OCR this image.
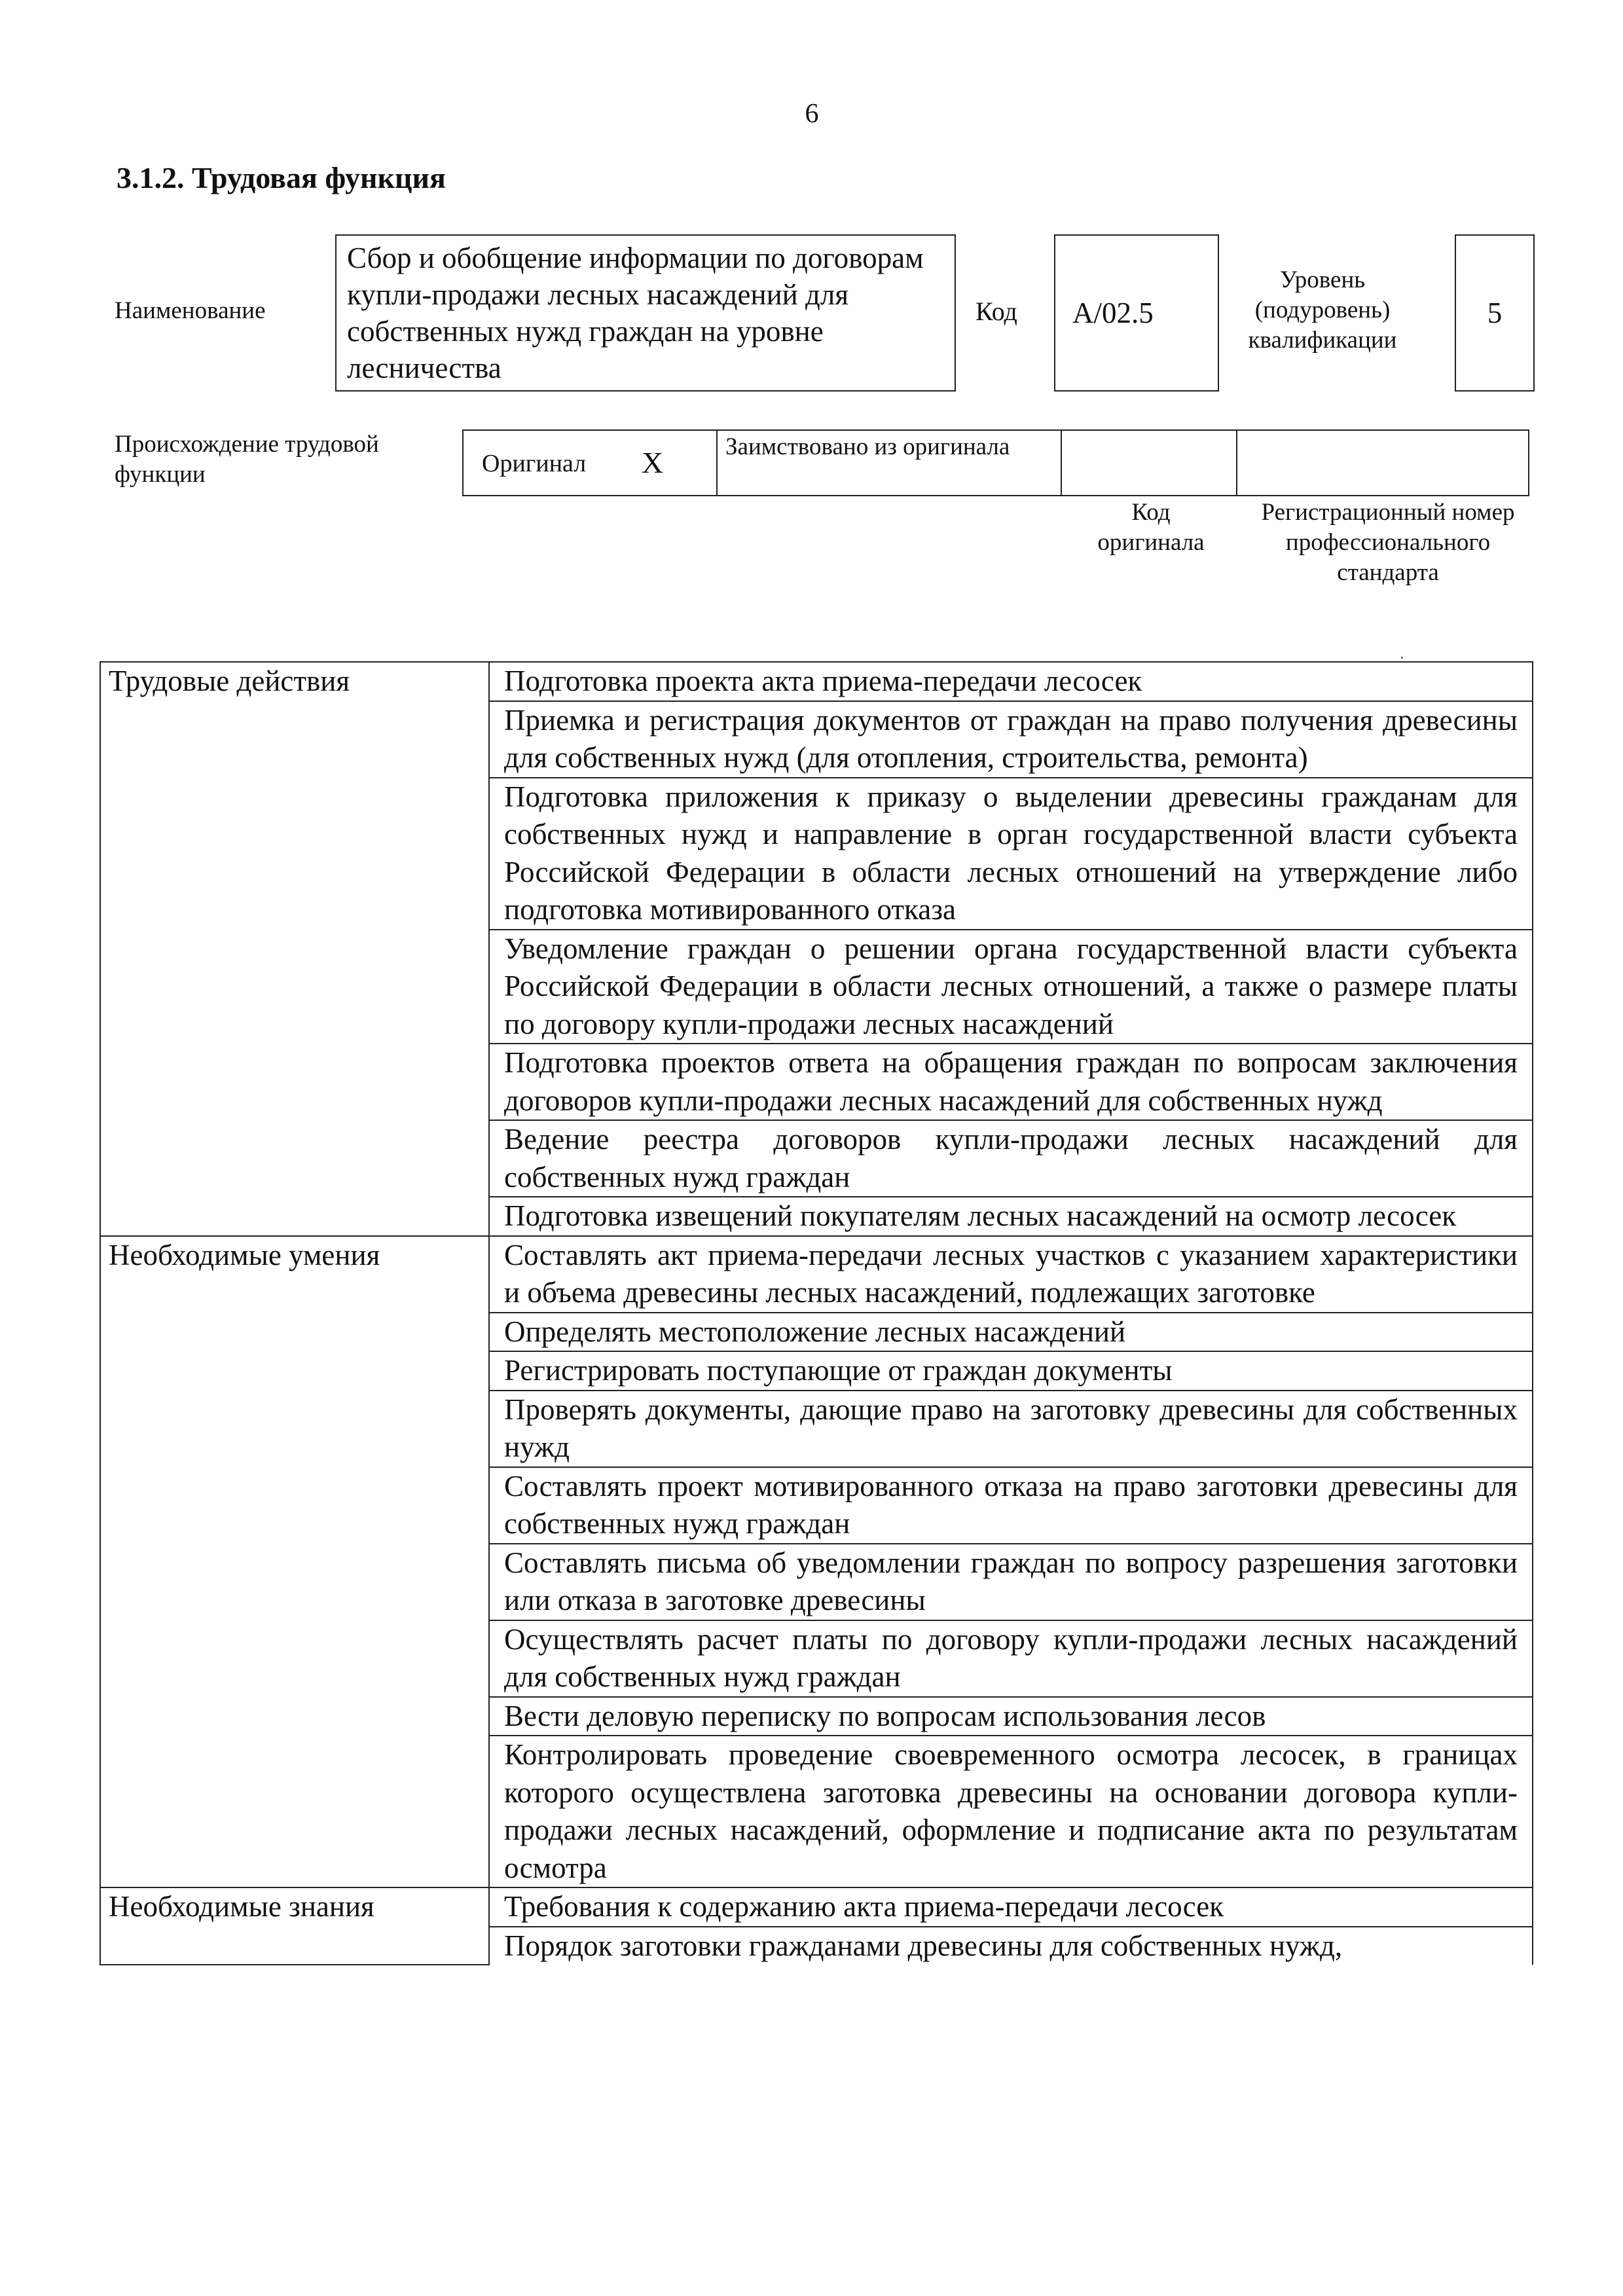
6
3.1.2. Трудовая функция
Наименование
Сбор и обобщение информации по договорам купли-продажи лесных насаждений для собственных нужд граждан на уровне лесничества
Код A/02.5
Уровень (подуровень) квалификации
5
Происхождение трудовой функции	Оригинал X	Заимствовано из оригинала
Код оригинала
Регистрационный номер профессионального стандарта
Трудовые действия	Подготовка проекта акта приема-передачи лесосек
	Приемка и регистрация документов от граждан на право получения древесины для собственных нужд (для отопления, строительства, ремонта)
	Подготовка приложения к приказу о выделении древесины гражданам для собственных нужд и направление в орган государственной власти субъекта Российской Федерации в области лесных отношений на утверждение либо подготовка мотивированного отказа
	Уведомление граждан о решении органа государственной власти субъекта Российской Федерации в области лесных отношений, а также о размере платы по договору купли-продажи лесных насаждений
	Подготовка проектов ответа на обращения граждан по вопросам заключения договоров купли-продажи лесных насаждений для собственных нужд
	Ведение реестра договоров купли-продажи лесных насаждений для собственных нужд граждан
	Подготовка извещений покупателям лесных насаждений на осмотр лесосек
Необходимые умения	Составлять акт приема-передачи лесных участков с указанием характеристики и объема древесины лесных насаждений, подлежащих заготовке
	Определять местоположение лесных насаждений
	Регистрировать поступающие от граждан документы
	Проверять документы, дающие право на заготовку древесины для собственных нужд
	Составлять проект мотивированного отказа на право заготовки древесины для собственных нужд граждан
	Составлять письма об уведомлении граждан по вопросу разрешения заготовки или отказа в заготовке древесины
	Осуществлять расчет платы по договору купли-продажи лесных насаждений для собственных нужд граждан
	Вести деловую переписку по вопросам использования лесов
	Контролировать проведение своевременного осмотра лесосек, в границах которого осуществлена заготовка древесины на основании договора купли-продажи лесных насаждений, оформление и подписание акта по результатам осмотра
Необходимые знания	Требования к содержанию акта приема-передачи лесосек
	Порядок заготовки гражданами древесины для собственных нужд,
